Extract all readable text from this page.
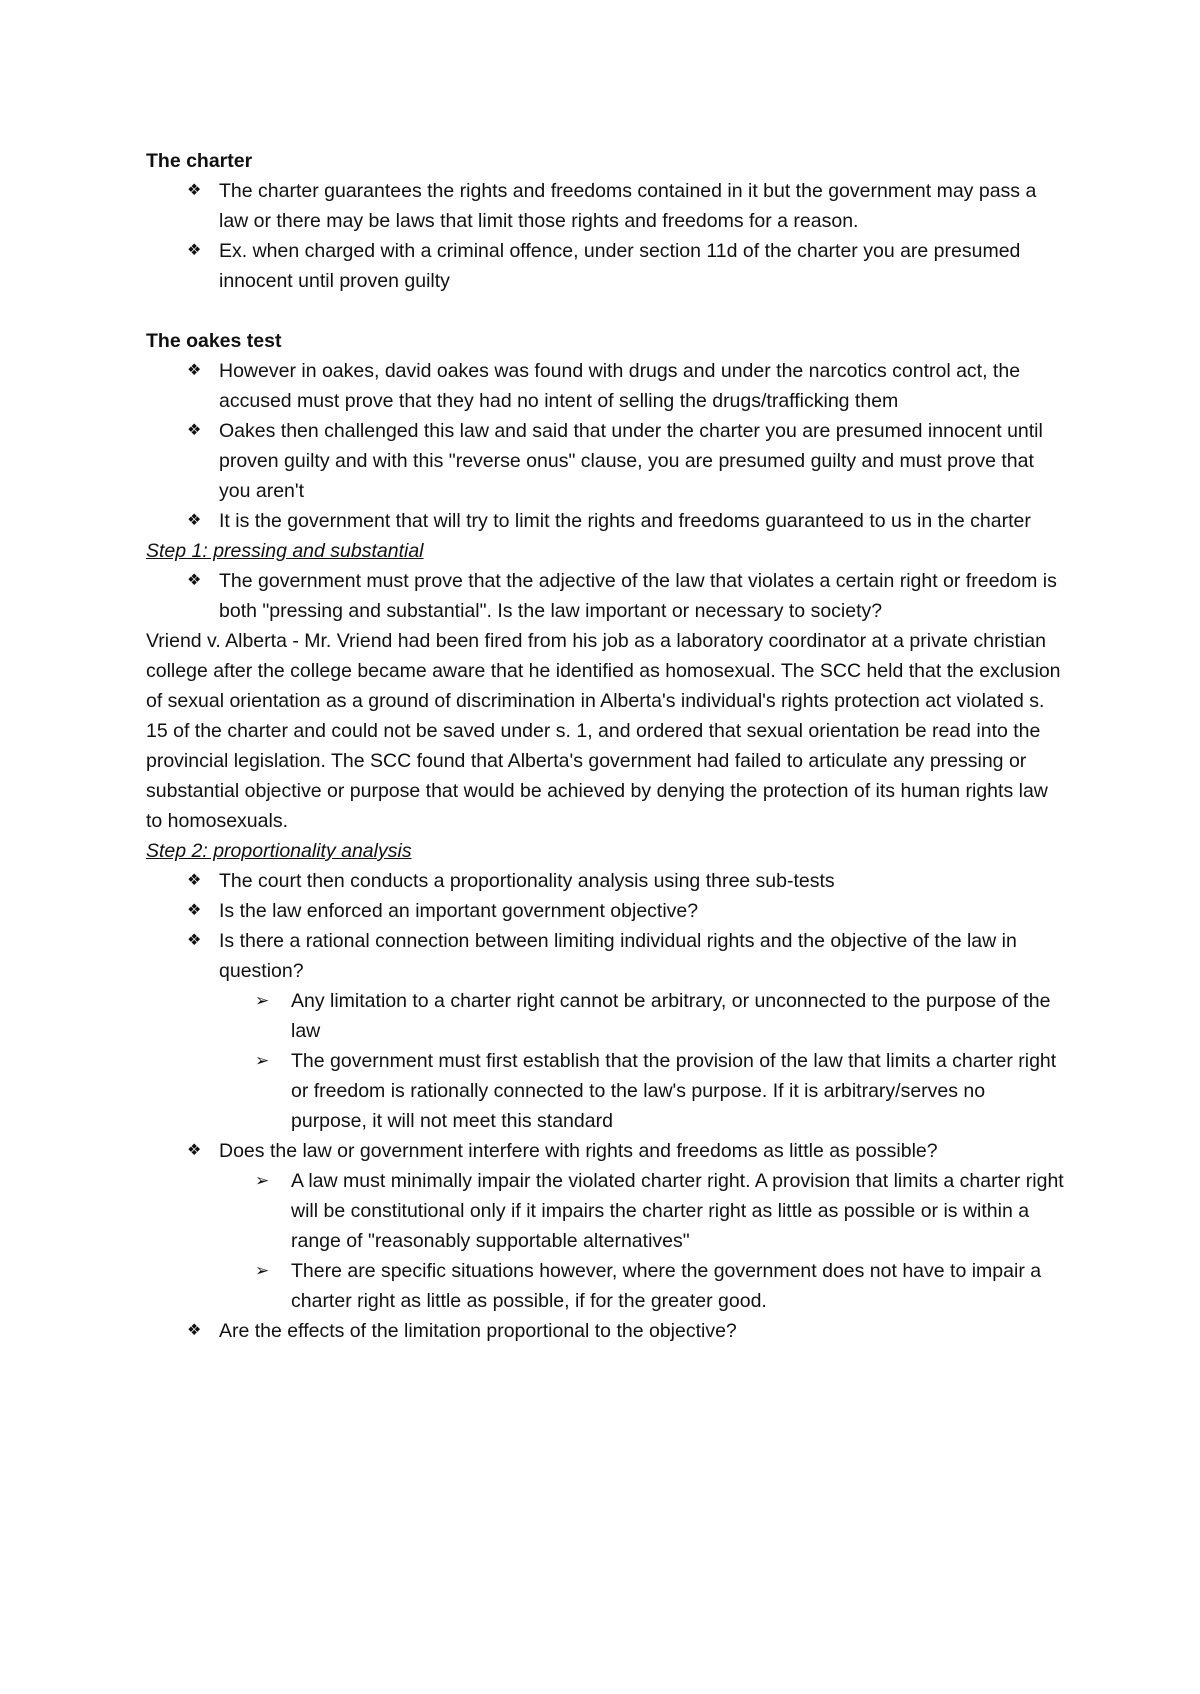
The charter

❖ The charter guarantees the rights and freedoms contained in it but the government may pass a law or there may be laws that limit those rights and freedoms for a reason.
❖ Ex. when charged with a criminal offence, under section 11d of the charter you are presumed innocent until proven guilty

The oakes test

❖ However in oakes, david oakes was found with drugs and under the narcotics control act, the accused must prove that they had no intent of selling the drugs/trafficking them
❖ Oakes then challenged this law and said that under the charter you are presumed innocent until proven guilty and with this "reverse onus" clause, you are presumed guilty and must prove that you aren't
❖ It is the government that will try to limit the rights and freedoms guaranteed to us in the charter

Step 1: pressing and substantial

❖ The government must prove that the adjective of the law that violates a certain right or freedom is both "pressing and substantial". Is the law important or necessary to society?

Vriend v. Alberta - Mr. Vriend had been fired from his job as a laboratory coordinator at a private christian college after the college became aware that he identified as homosexual. The SCC held that the exclusion of sexual orientation as a ground of discrimination in Alberta's individual's rights protection act violated s. 15 of the charter and could not be saved under s. 1, and ordered that sexual orientation be read into the provincial legislation. The SCC found that Alberta's government had failed to articulate any pressing or substantial objective or purpose that would be achieved by denying the protection of its human rights law to homosexuals.

Step 2: proportionality analysis

❖ The court then conducts a proportionality analysis using three sub-tests
❖ Is the law enforced an important government objective?
❖ Is there a rational connection between limiting individual rights and the objective of the law in question?
➢ Any limitation to a charter right cannot be arbitrary, or unconnected to the purpose of the law
➢ The government must first establish that the provision of the law that limits a charter right or freedom is rationally connected to the law's purpose. If it is arbitrary/serves no purpose, it will not meet this standard
❖ Does the law or government interfere with rights and freedoms as little as possible?
➢ A law must minimally impair the violated charter right. A provision that limits a charter right will be constitutional only if it impairs the charter right as little as possible or is within a range of "reasonably supportable alternatives"
➢ There are specific situations however, where the government does not have to impair a charter right as little as possible, if for the greater good.
❖ Are the effects of the limitation proportional to the objective?
